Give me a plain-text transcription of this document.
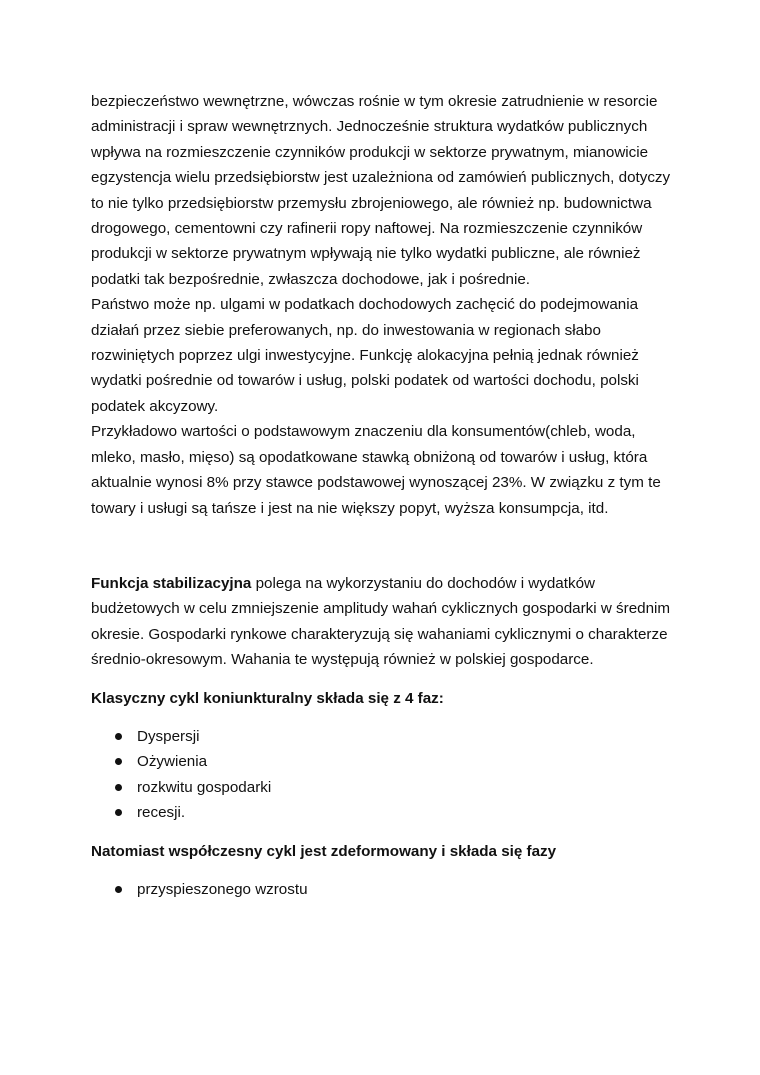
bezpieczeństwo wewnętrzne, wówczas rośnie w tym okresie zatrudnienie w resorcie administracji i spraw wewnętrznych. Jednocześnie struktura wydatków publicznych wpływa na rozmieszczenie czynników produkcji w sektorze prywatnym, mianowicie egzystencja wielu przedsiębiorstw jest uzależniona od zamówień publicznych, dotyczy to nie tylko przedsiębiorstw przemysłu zbrojeniowego, ale również np. budownictwa drogowego, cementowni czy rafinerii ropy naftowej. Na rozmieszczenie czynników produkcji w sektorze prywatnym wpływają nie tylko wydatki publiczne, ale również podatki tak bezpośrednie, zwłaszcza dochodowe, jak i pośrednie.

Państwo może np. ulgami w podatkach dochodowych zachęcić do podejmowania działań przez siebie preferowanych, np. do inwestowania w regionach słabo rozwiniętych poprzez ulgi inwestycyjne. Funkcję alokacyjna pełnią jednak również wydatki pośrednie od towarów i usług, polski podatek od wartości dochodu, polski podatek akcyzowy.

Przykładowo wartości o podstawowym znaczeniu dla konsumentów(chleb, woda, mleko, masło, mięso) są opodatkowane stawką obniżoną od towarów i usług, która aktualnie wynosi 8% przy stawce podstawowej wynoszącej 23%. W związku z tym te towary i usługi są tańsze i jest na nie większy popyt, wyższa konsumpcja, itd.

Funkcja stabilizacyjna polega na wykorzystaniu do dochodów i wydatków budżetowych w celu zmniejszenie amplitudy wahań cyklicznych gospodarki w średnim okresie. Gospodarki rynkowe charakteryzują się wahaniami cyklicznymi o charakterze średnio-okresowym. Wahania te występują również w polskiej gospodarce.

Klasyczny cykl koniunkturalny składa się z 4 faz:

Dyspersji
Ożywienia
rozkwitu gospodarki
recesji.

Natomiast współczesny cykl jest zdeformowany i składa się fazy

przyspieszonego wzrostu
